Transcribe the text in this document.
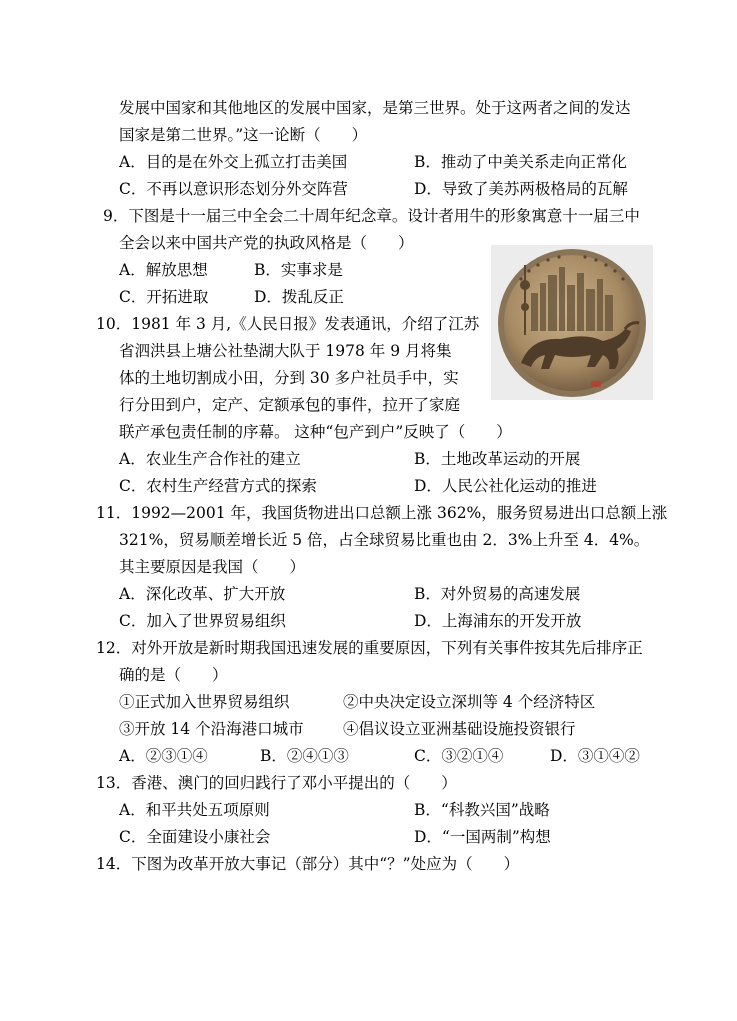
发展中国家和其他地区的发展中国家，是第三世界。处于这两者之间的发达
国家是第二世界。”这一论断（　　）
A．目的是在外交上孤立打击美国	B．推动了中美关系走向正常化
C．不再以意识形态划分外交阵营	D．导致了美苏两极格局的瓦解
9．下图是十一届三中全会二十周年纪念章。设计者用牛的形象寓意十一届三中
全会以来中国共产党的执政风格是（　　）
A．解放思想	B．实事求是
C．开拓进取	D．拨乱反正
10．1981 年 3 月,《人民日报》发表通讯，介绍了江苏
省泗洪县上塘公社垫湖大队于 1978 年 9 月将集
体的土地切割成小田，分到 30 多户社员手中，实
行分田到户，定产、定额承包的事件，拉开了家庭
联产承包责任制的序幕。 这种“包产到户”反映了（　　）
A．农业生产合作社的建立	B．土地改革运动的开展
C．农村生产经营方式的探索	D．人民公社化运动的推进
11．1992—2001 年，我国货物进出口总额上涨 362%，服务贸易进出口总额上涨
321%，贸易顺差增长近 5 倍，占全球贸易比重也由 2．3%上升至 4．4%。
其主要原因是我国（　　）
A．深化改革、扩大开放	B．对外贸易的高速发展
C．加入了世界贸易组织	D．上海浦东的开发开放
12．对外开放是新时期我国迅速发展的重要原因，下列有关事件按其先后排序正
确的是（　　）
①正式加入世界贸易组织	②中央决定设立深圳等 4 个经济特区
③开放 14 个沿海港口城市	④倡议设立亚洲基础设施投资银行
A．②③①④	B．②④①③	C．③②①④	D．③①④②
13．香港、澳门的回归践行了邓小平提出的（　　）
A．和平共处五项原则	B．“科教兴国”战略
C．全面建设小康社会	D．“一国两制”构想
14．下图为改革开放大事记（部分）其中“？”处应为（　　）
